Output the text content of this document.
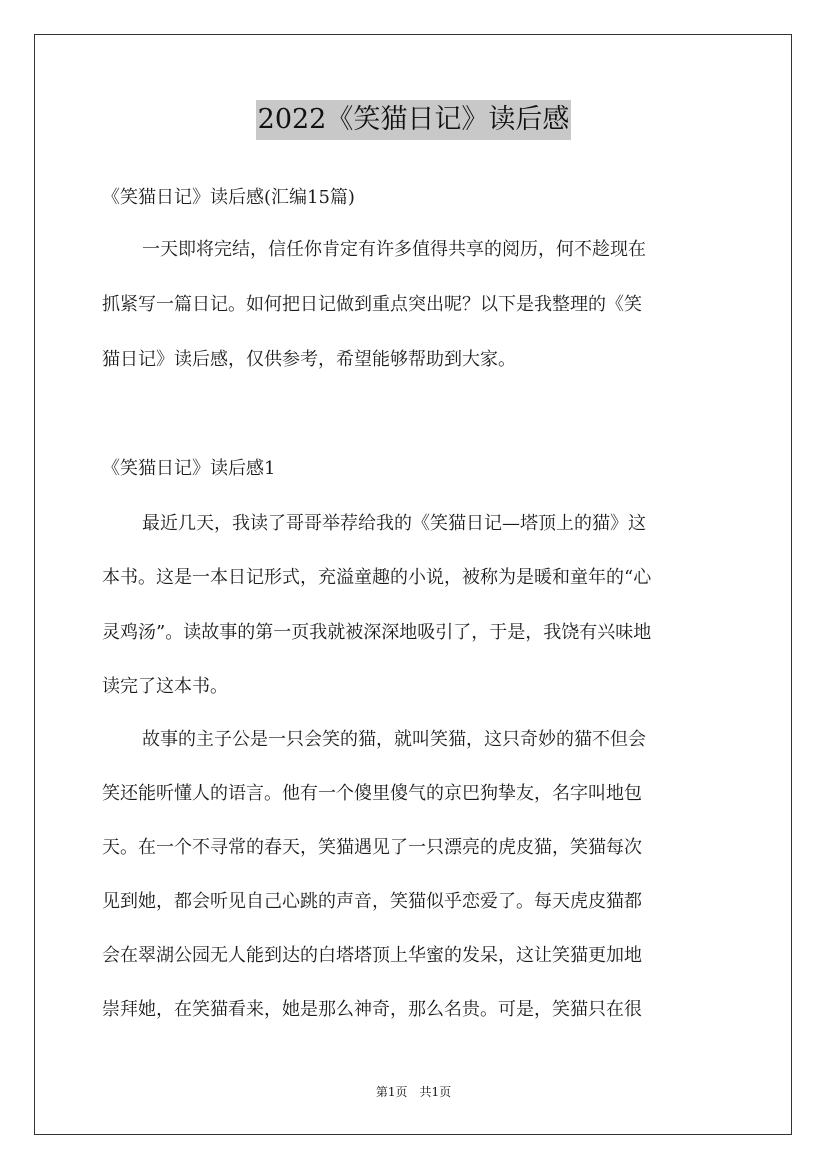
2022《笑猫日记》读后感
《笑猫日记》读后感(汇编15篇)
一天即将完结，信任你肯定有许多值得共享的阅历，何不趁现在
抓紧写一篇日记。如何把日记做到重点突出呢？以下是我整理的《笑
猫日记》读后感，仅供参考，希望能够帮助到大家。
《笑猫日记》读后感1
最近几天，我读了哥哥举荐给我的《笑猫日记—塔顶上的猫》这
本书。这是一本日记形式，充溢童趣的小说，被称为是暖和童年的“心
灵鸡汤”。读故事的第一页我就被深深地吸引了，于是，我饶有兴味地
读完了这本书。
故事的主子公是一只会笑的猫，就叫笑猫，这只奇妙的猫不但会
笑还能听懂人的语言。他有一个傻里傻气的京巴狗挚友，名字叫地包
天。在一个不寻常的春天，笑猫遇见了一只漂亮的虎皮猫，笑猫每次
见到她，都会听见自己心跳的声音，笑猫似乎恋爱了。每天虎皮猫都
会在翠湖公园无人能到达的白塔塔顶上华蜜的发呆，这让笑猫更加地
崇拜她，在笑猫看来，她是那么神奇，那么名贵。可是，笑猫只在很
第1页　共1页
